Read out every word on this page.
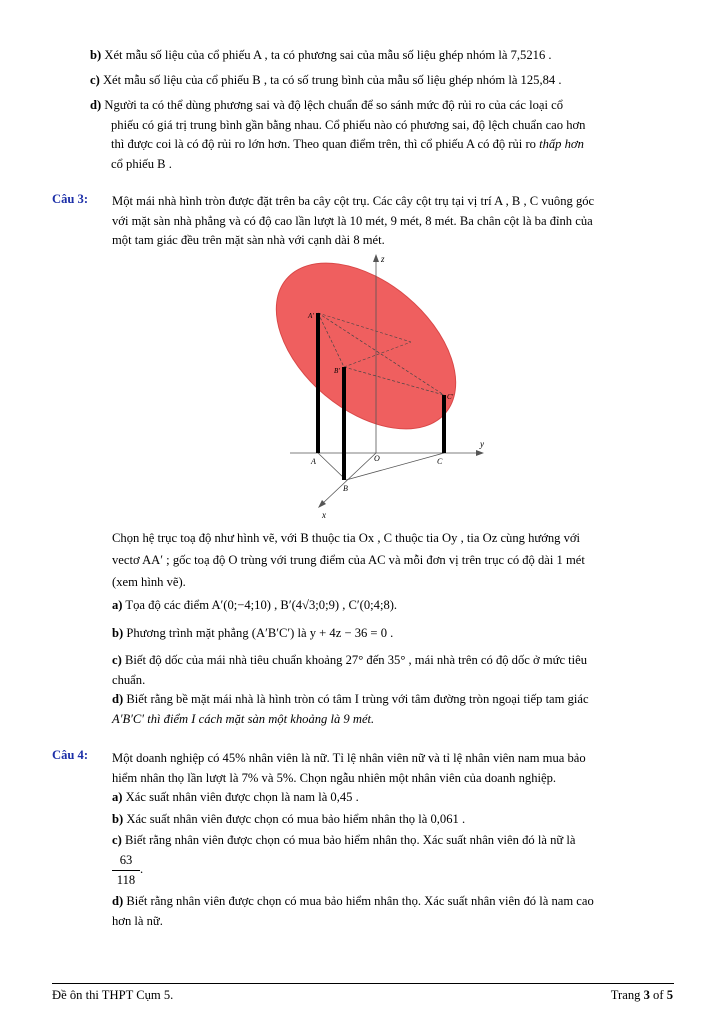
b) Xét mẫu số liệu của cổ phiếu A , ta có phương sai của mẫu số liệu ghép nhóm là 7,5216 .
c) Xét mẫu số liệu của cổ phiếu B , ta có số trung bình của mẫu số liệu ghép nhóm là 125,84 .
d) Người ta có thể dùng phương sai và độ lệch chuẩn để so sánh mức độ rủi ro của các loại cổ
phiếu có giá trị trung bình gần bằng nhau. Cổ phiếu nào có phương sai, độ lệch chuẩn cao hơn
thì được coi là có độ rủi ro lớn hơn. Theo quan điểm trên, thì cổ phiếu A có độ rủi ro thấp hơn
cổ phiếu B .
Câu 3: Một mái nhà hình tròn được đặt trên ba cây cột trụ. Các cây cột trụ tại vị trí A , B , C vuông góc
với mặt sàn nhà phẳng và có độ cao lần lượt là 10 mét, 9 mét, 8 mét. Ba chân cột là ba đỉnh của
một tam giác đều trên mặt sàn nhà với cạnh dài 8 mét.
z
y
x
O
A
B
C
A'
B'
C'
Chọn hệ trục toạ độ như hình vẽ, với B thuộc tia Ox , C thuộc tia Oy , tia Oz cùng hướng với
vectơ AA′ ; gốc toạ độ O trùng với trung điểm của AC và mỗi đơn vị trên trục có độ dài 1 mét
(xem hình vẽ).
a) Tọa độ các điểm A′(0;−4;10) , B′(4√3;0;9) , C′(0;4;8).
b) Phương trình mặt phẳng (A′B′C′) là y + 4z − 36 = 0 .
c) Biết độ dốc của mái nhà tiêu chuẩn khoảng 27° đến 35° , mái nhà trên có độ dốc ở mức tiêu
chuẩn.
d) Biết rằng bề mặt mái nhà là hình tròn có tâm I trùng với tâm đường tròn ngoại tiếp tam giác
A′B′C′ thì điểm I cách mặt sàn một khoảng là 9 mét.
Câu 4: Một doanh nghiệp có 45% nhân viên là nữ. Tỉ lệ nhân viên nữ và tỉ lệ nhân viên nam mua bảo
hiểm nhân thọ lần lượt là 7% và 5%. Chọn ngẫu nhiên một nhân viên của doanh nghiệp.
a) Xác suất nhân viên được chọn là nam là 0,45 .
b) Xác suất nhân viên được chọn có mua bảo hiểm nhân thọ là 0,061 .
c) Biết rằng nhân viên được chọn có mua bảo hiểm nhân thọ. Xác suất nhân viên đó là nữ là
63
118
.
d) Biết rằng nhân viên được chọn có mua bảo hiểm nhân thọ. Xác suất nhân viên đó là nam cao
hơn là nữ.
Đề ôn thi THPT Cụm 5.	Trang 3 of 5
